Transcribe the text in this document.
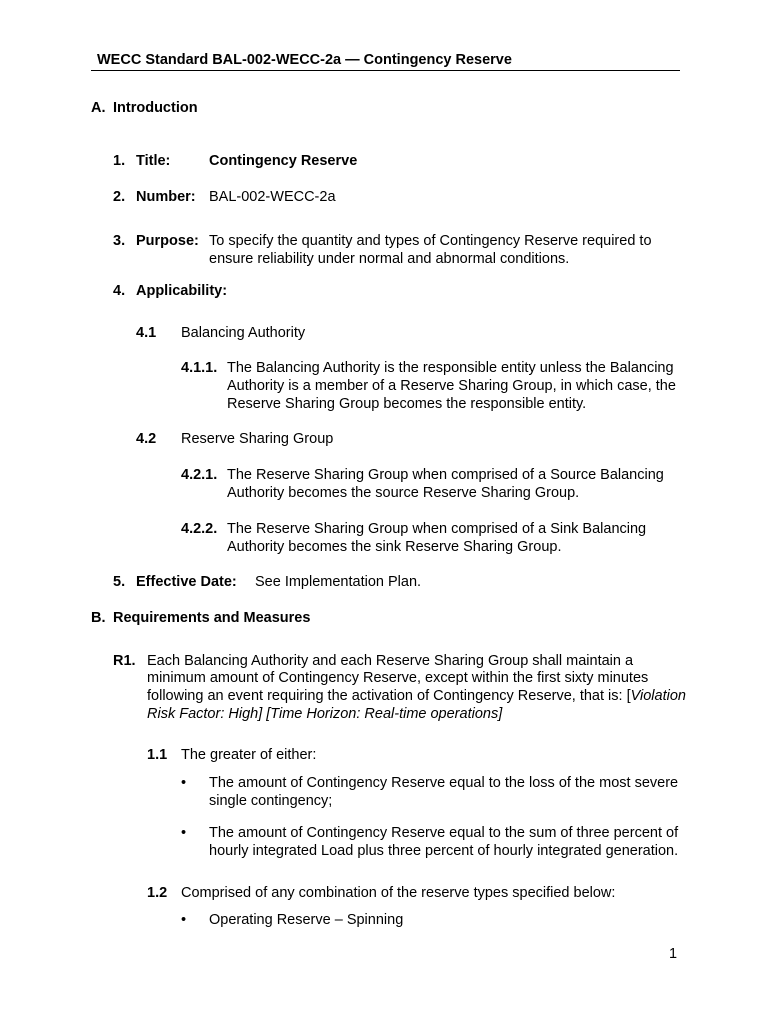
WECC Standard BAL-002-WECC-2a — Contingency Reserve
A. Introduction
1. Title:	Contingency Reserve
2. Number: BAL-002-WECC-2a
3. Purpose: To specify the quantity and types of Contingency Reserve required to
ensure reliability under normal and abnormal conditions.
4. Applicability:
4.1 Balancing Authority
4.1.1. The Balancing Authority is the responsible entity unless the Balancing
Authority is a member of a Reserve Sharing Group, in which case, the
Reserve Sharing Group becomes the responsible entity.
4.2 Reserve Sharing Group
4.2.1. The Reserve Sharing Group when comprised of a Source Balancing
Authority becomes the source Reserve Sharing Group.
4.2.2. The Reserve Sharing Group when comprised of a Sink Balancing
Authority becomes the sink Reserve Sharing Group.
5. Effective Date: See Implementation Plan.
B. Requirements and Measures
R1. Each Balancing Authority and each Reserve Sharing Group shall maintain a
minimum amount of Contingency Reserve, except within the first sixty minutes
following an event requiring the activation of Contingency Reserve, that is: [Violation
Risk Factor: High] [Time Horizon: Real-time operations]
1.1 The greater of either:
• The amount of Contingency Reserve equal to the loss of the most severe
single contingency;
• The amount of Contingency Reserve equal to the sum of three percent of
hourly integrated Load plus three percent of hourly integrated generation.
1.2 Comprised of any combination of the reserve types specified below:
• Operating Reserve – Spinning
1
